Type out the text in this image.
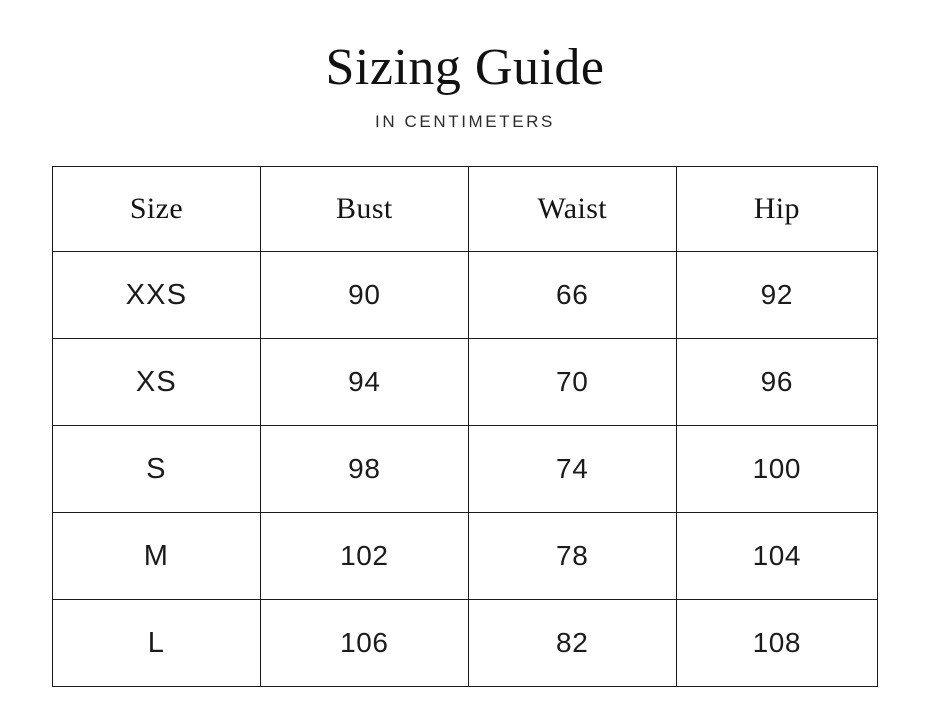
Sizing Guide
IN CENTIMETERS
Size	Bust	Waist	Hip
XXS	90	66	92
XS	94	70	96
S	98	74	100
M	102	78	104
L	106	82	108
